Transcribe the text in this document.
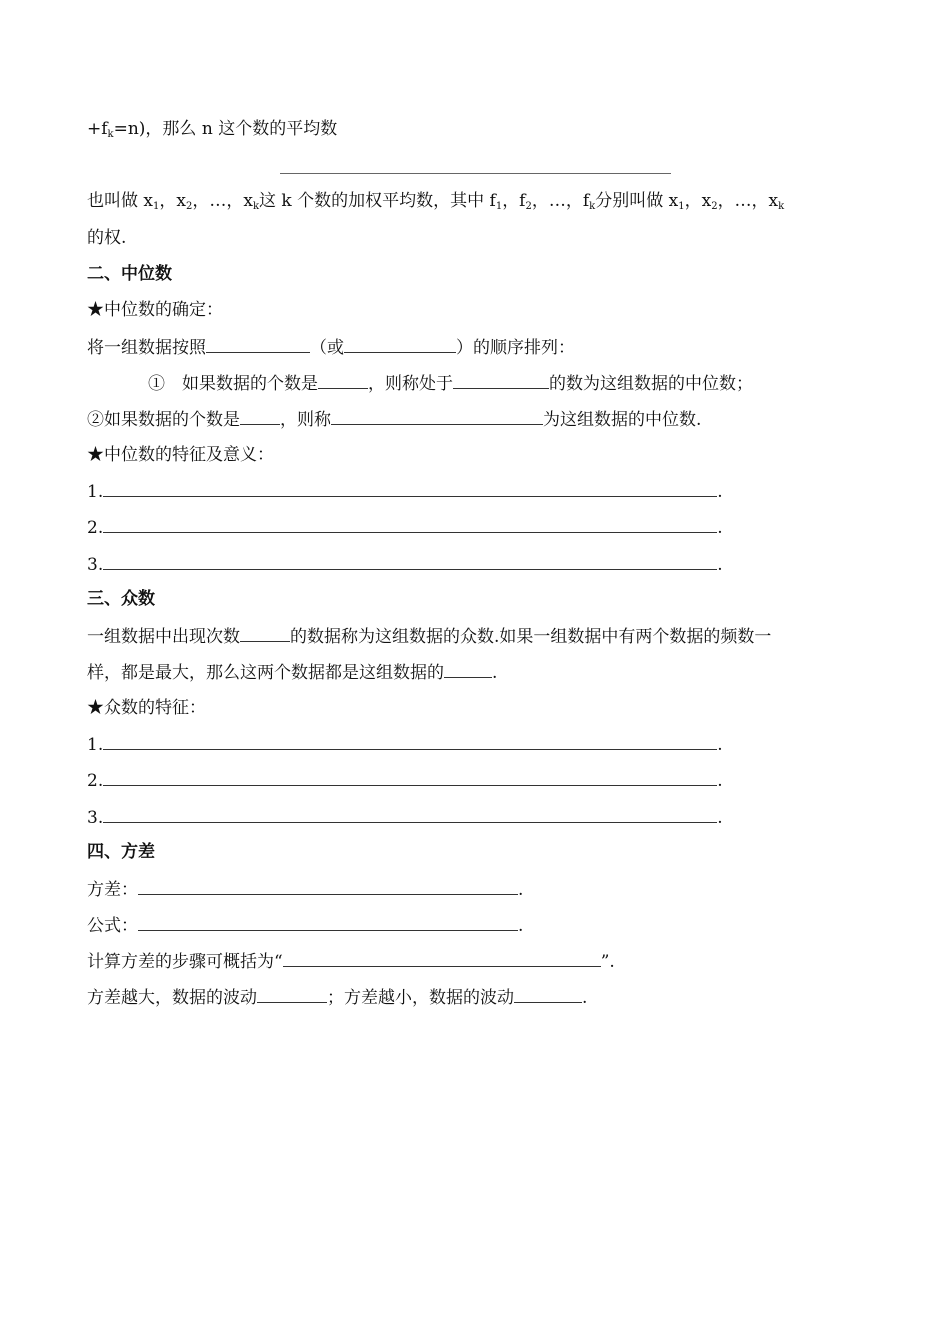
$+f_k=n$)，那么 n 这个数的平均数
也叫做 $x_1$，$x_2$，…，$x_k$这 k 个数的加权平均数，其中 $f_1$，$f_2$，…，$f_k$分别叫做 $x_1$，$x_2$，…，$x_k$
的权.
二、中位数
★中位数的确定：
将一组数据按照	（或	）的顺序排列：
①　如果数据的个数是	，则称处于	的数为这组数据的中位数；
②如果数据的个数是 ，则称	为这组数据的中位数.
★中位数的特征及意义：
1.	.
2.	.
3.	.
三、众数
一组数据中出现次数	的数据称为这组数据的众数.如果一组数据中有两个数据的频数一
样，都是最大，那么这两个数据都是这组数据的	.
★众数的特征：
1.	.
2.	.
3.	.
四、方差
方差：	.
公式：	.
计算方差的步骤可概括为“	”.
方差越大，数据的波动	；方差越小，数据的波动	.
